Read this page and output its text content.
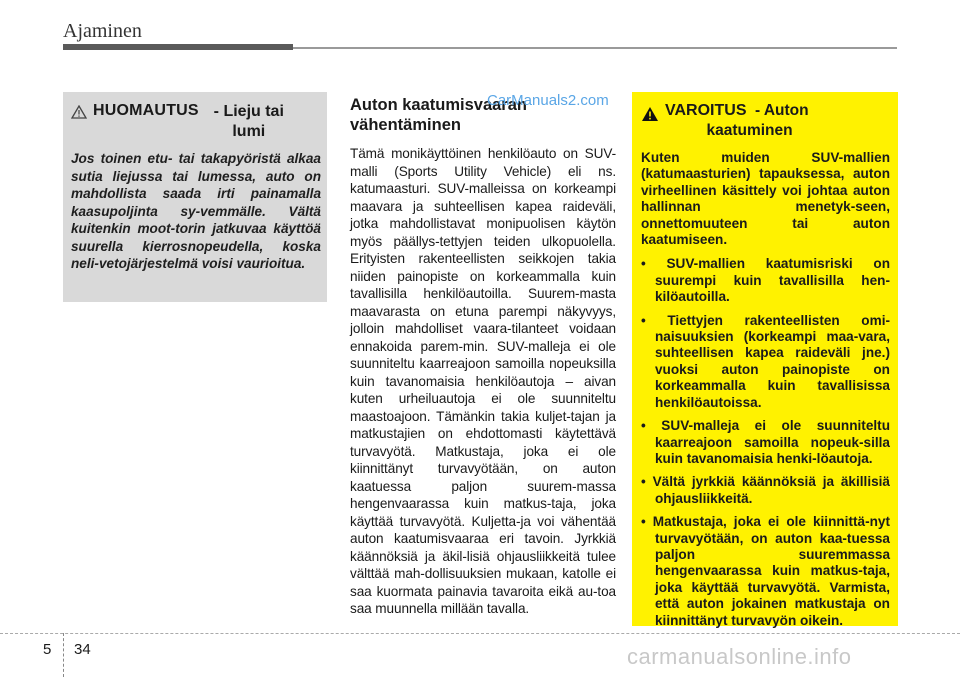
Ajaminen
HUOMAUTUS - Lieju tai lumi
Jos toinen etu- tai takapyöristä alkaa sutia liejussa tai lumessa, auto on mahdollista saada irti painamalla kaasupoljinta sy-vemmälle. Vältä kuitenkin moot-torin jatkuvaa käyttöä suurella kierrosnopeudella, koska neli-vetojärjestelmä voisi vaurioitua.
Auton kaatumisvaaran vähentäminen
Tämä monikäyttöinen henkilöauto on SUV-malli (Sports Utility Vehicle) eli ns. katumaasturi. SUV-malleissa on korkeampi maavara ja suhteellisen kapea raideväli, jotka mahdollistavat monipuolisen käytön myös päällys-tettyjen teiden ulkopuolella. Erityisten rakenteellisten seikkojen takia niiden painopiste on korkeammalla kuin tavallisilla henkilöautoilla. Suurem-masta maavarasta on etuna parempi näkyvyys, jolloin mahdolliset vaara-tilanteet voidaan ennakoida parem-min. SUV-malleja ei ole suunniteltu kaarreajoon samoilla nopeuksilla kuin tavanomaisia henkilöautoja – aivan kuten urheiluautoja ei ole suunniteltu maastoajoon. Tämänkin takia kuljet-tajan ja matkustajien on ehdottomasti käytettävä turvavyötä. Matkustaja, joka ei ole kiinnittänyt turvavyötään, on auton kaatuessa paljon suurem-massa hengenvaarassa kuin matkus-taja, joka käyttää turvavyötä. Kuljetta-ja voi vähentää auton kaatumisvaaraa eri tavoin. Jyrkkiä käännöksiä ja äkil-lisiä ohjausliikkeitä tulee välttää mah-dollisuuksien mukaan, katolle ei saa kuormata painavia tavaroita eikä au-toa saa muunnella millään tavalla.
CarManuals2.com
VAROITUS - Auton
kaatuminen
Kuten muiden SUV-mallien (katumaasturien) tapauksessa, auton virheellinen käsittely voi johtaa auton hallinnan menetyk-seen, onnettomuuteen tai auton kaatumiseen.
• SUV-mallien kaatumisriski on suurempi kuin tavallisilla hen-kilöautoilla.
• Tiettyjen rakenteellisten omi-naisuuksien (korkeampi maa-vara, suhteellisen kapea raideväli jne.) vuoksi auton painopiste on korkeammalla kuin tavallisissa henkilöautoissa.
• SUV-malleja ei ole suunniteltu kaarreajoon samoilla nopeuk-silla kuin tavanomaisia henki-löautoja.
• Vältä jyrkkiä käännöksiä ja äkillisiä ohjausliikkeitä.
• Matkustaja, joka ei ole kiinnittä-nyt turvavyötään, on auton kaa-tuessa paljon suuremmassa hengenvaarassa kuin matkus-taja, joka käyttää turvavyötä. Varmista, että auton jokainen matkustaja on kiinnittänyt turvavyön oikein.
5 34	carmanualsonline.info
